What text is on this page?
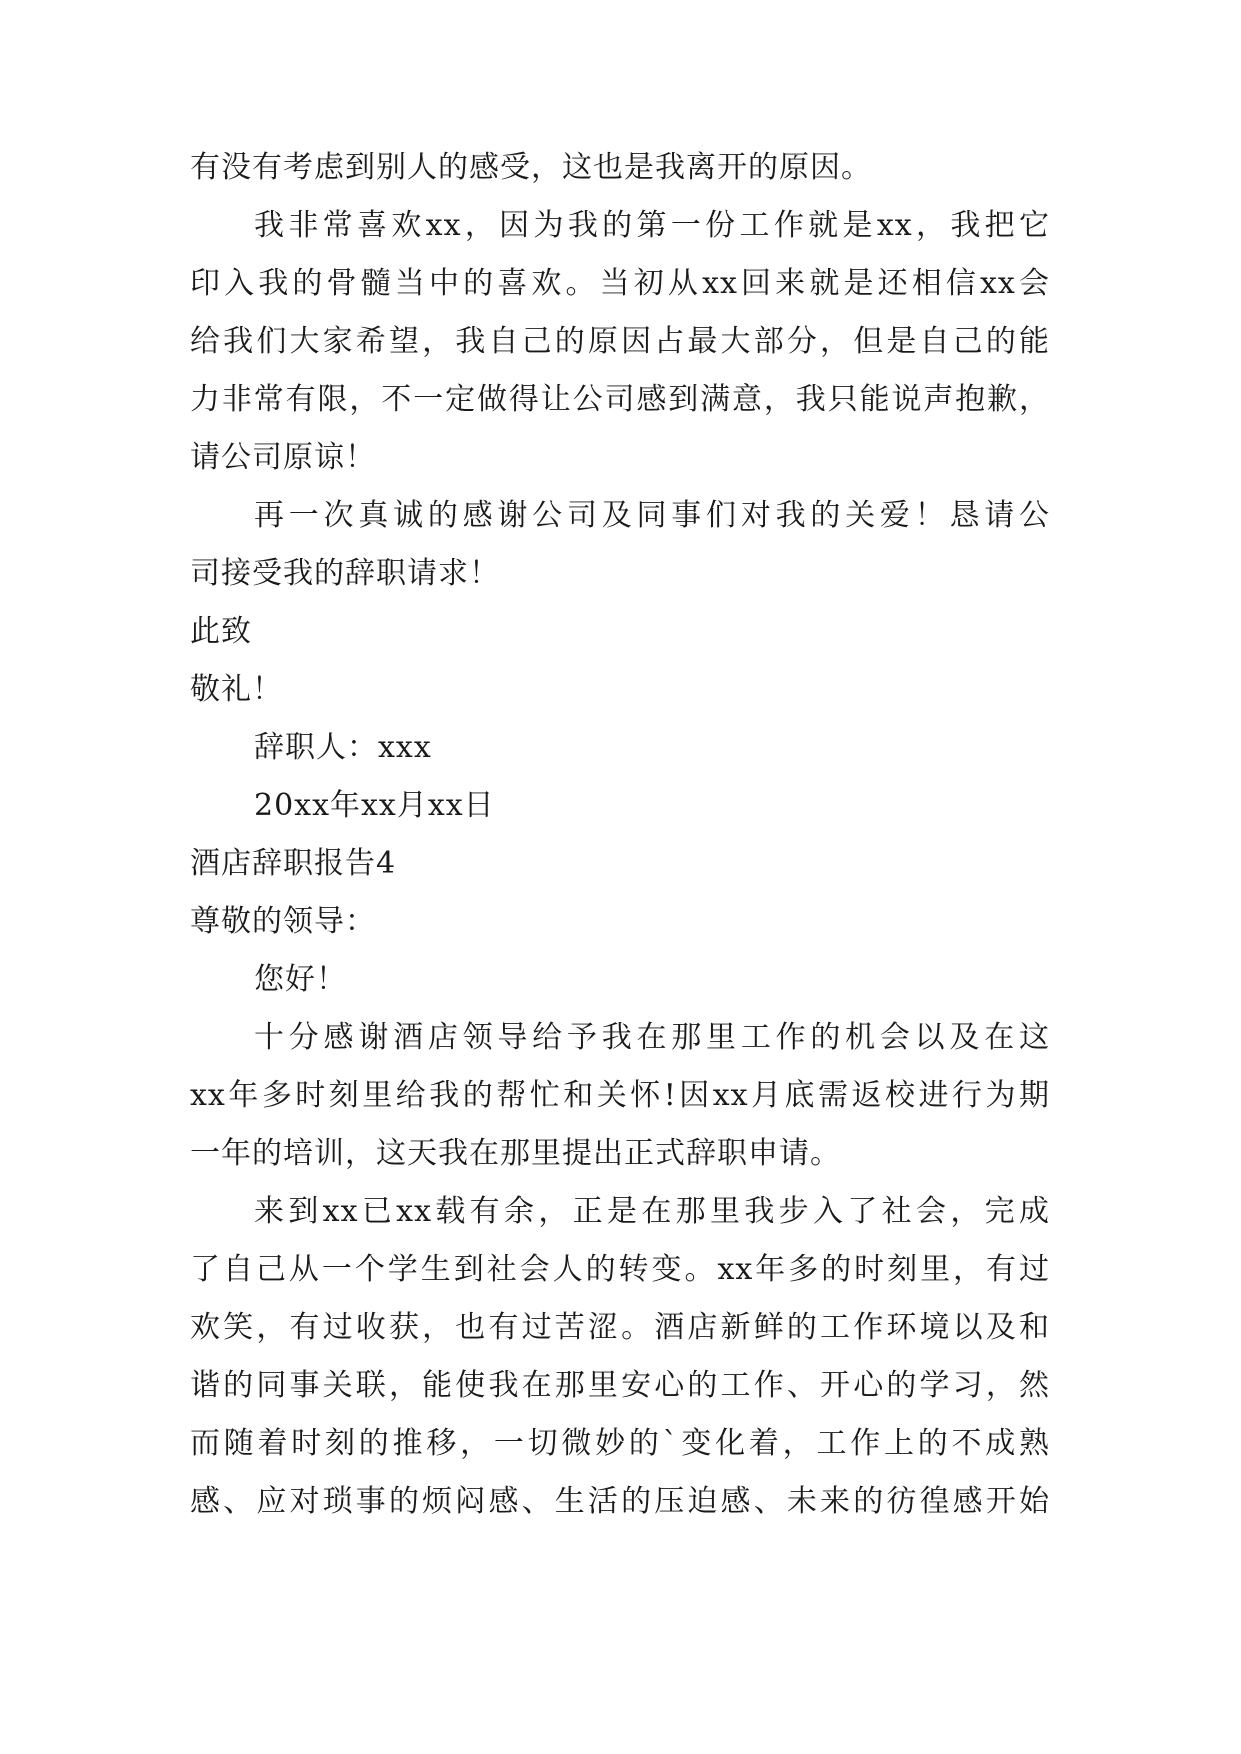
有没有考虑到别人的感受，这也是我离开的原因。
我非常喜欢xx，因为我的第一份工作就是xx，我把它
印入我的骨髓当中的喜欢。当初从xx回来就是还相信xx会
给我们大家希望，我自己的原因占最大部分，但是自己的能
力非常有限，不一定做得让公司感到满意，我只能说声抱歉，
请公司原谅！
再一次真诚的感谢公司及同事们对我的关爱！恳请公
司接受我的辞职请求！
此致
敬礼！
辞职人：xxx
20xx年xx月xx日
酒店辞职报告4
尊敬的领导：
您好！
十分感谢酒店领导给予我在那里工作的机会以及在这
xx年多时刻里给我的帮忙和关怀!因xx月底需返校进行为期
一年的培训，这天我在那里提出正式辞职申请。
来到xx已xx载有余，正是在那里我步入了社会，完成
了自己从一个学生到社会人的转变。xx年多的时刻里，有过
欢笑，有过收获，也有过苦涩。酒店新鲜的工作环境以及和
谐的同事关联，能使我在那里安心的工作、开心的学习，然
而随着时刻的推移，一切微妙的`变化着，工作上的不成熟
感、应对琐事的烦闷感、生活的压迫感、未来的彷徨感开始
